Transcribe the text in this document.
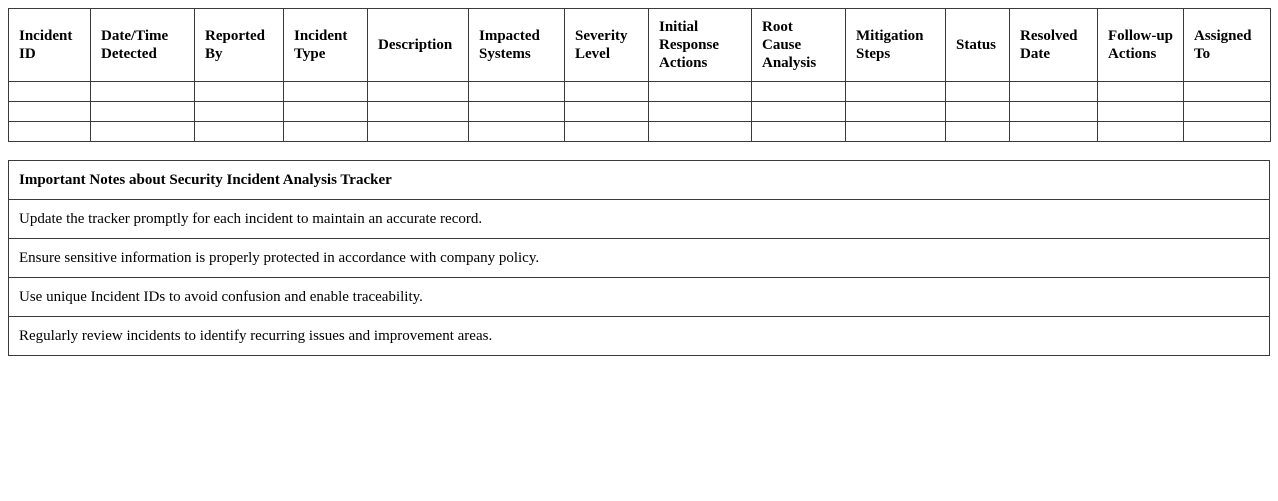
Incident ID	Date/Time Detected	Reported By	Incident Type	Description	Impacted Systems	Severity Level	Initial Response Actions	Root Cause Analysis	Mitigation Steps	Status	Resolved Date	Follow-up Actions	Assigned To

Important Notes about Security Incident Analysis Tracker
Update the tracker promptly for each incident to maintain an accurate record.
Ensure sensitive information is properly protected in accordance with company policy.
Use unique Incident IDs to avoid confusion and enable traceability.
Regularly review incidents to identify recurring issues and improvement areas.
